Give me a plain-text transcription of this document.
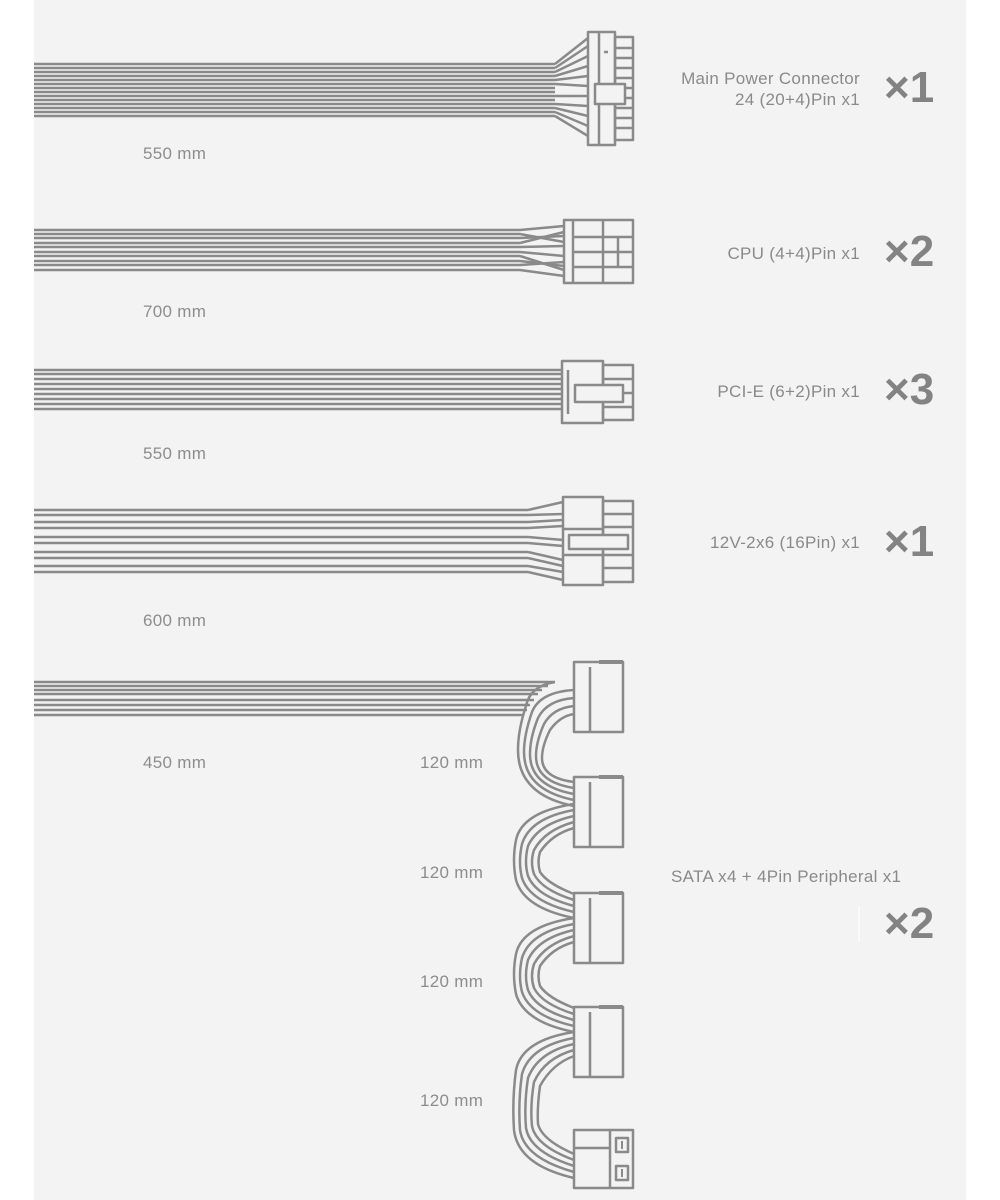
Main Power Connector
24 (20+4)Pin x1 ×1
550 mm
CPU (4+4)Pin x1 ×2
700 mm
PCI-E (6+2)Pin x1 ×3
550 mm
12V-2x6 (16Pin) x1 ×1
600 mm
450 mm	120 mm
120 mm
120 mm
120 mm
SATA x4 + 4Pin Peripheral x1
×2
